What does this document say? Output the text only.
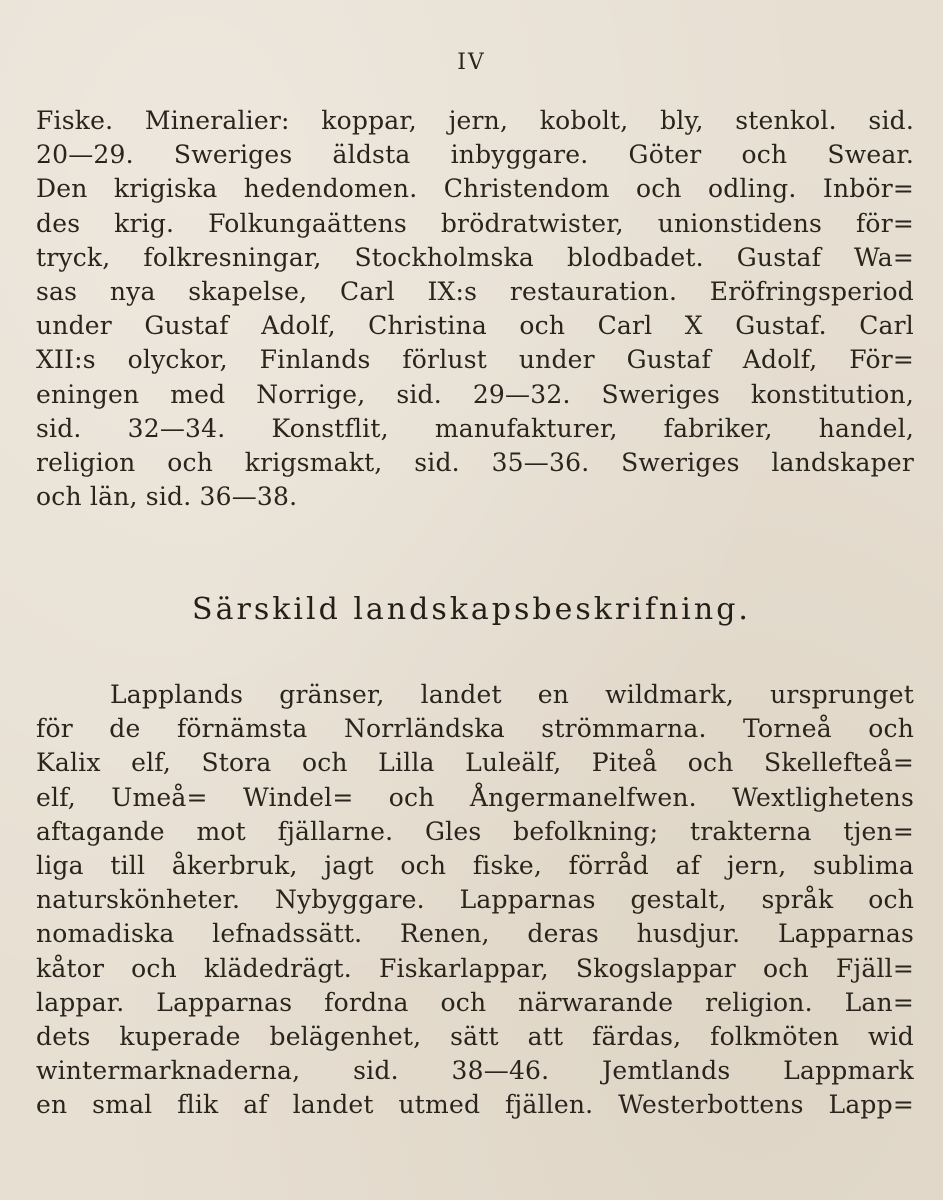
IV
Fiske. Mineralier: koppar, jern, kobolt, bly, stenkol. sid.
20—29. Sweriges äldsta inbyggare. Göter och Swear.
Den krigiska hedendomen. Christendom och odling. Inbör=
des krig. Folkungaättens brödratwister, unionstidens för=
tryck, folkresningar, Stockholmska blodbadet. Gustaf Wa=
sas nya skapelse, Carl IX:s restauration. Eröfringsperiod
under Gustaf Adolf, Christina och Carl X Gustaf. Carl
XII:s olyckor, Finlands förlust under Gustaf Adolf, För=
eningen med Norrige, sid. 29—32. Sweriges konstitution,
sid. 32—34. Konstflit, manufakturer, fabriker, handel,
religion och krigsmakt, sid. 35—36. Sweriges landskaper
och län, sid. 36—38.
Särskild landskapsbeskrifning.
Lapplands gränser, landet en wildmark, ursprunget
för de förnämsta Norrländska strömmarna. Torneå och
Kalix elf, Stora och Lilla Luleälf, Piteå och Skellefteå=
elf, Umeå= Windel= och Ångermanelfwen. Wextlighetens
aftagande mot fjällarne. Gles befolkning; trakterna tjen=
liga till åkerbruk, jagt och fiske, förråd af jern, sublima
naturskönheter. Nybyggare. Lapparnas gestalt, språk och
nomadiska lefnadssätt. Renen, deras husdjur. Lapparnas
kåtor och klädedrägt. Fiskarlappar, Skogslappar och Fjäll=
lappar. Lapparnas fordna och närwarande religion. Lan=
dets kuperade belägenhet, sätt att färdas, folkmöten wid
wintermarknaderna, sid. 38—46. Jemtlands Lappmark
en smal flik af landet utmed fjällen. Westerbottens Lapp=
